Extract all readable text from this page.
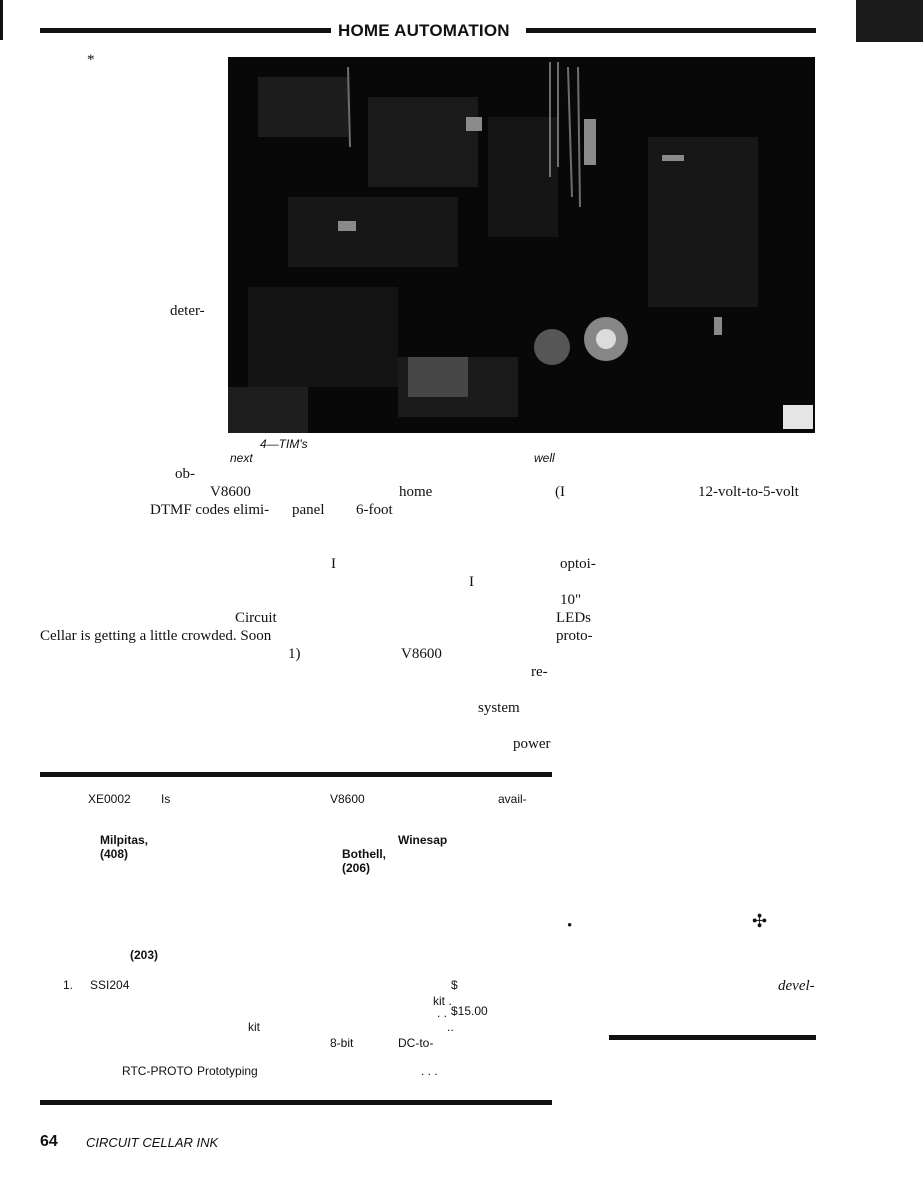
HOME AUTOMATION
*
deter-
4—TIM's
next	well
ob-
V8600	home	(I	12-volt-to-5-volt
DTMF codes elimi- panel 6-foot
I	optoi-
I
10"
Circuit	LEDs
Cellar is getting a little crowded. Soon	proto-
1)	V8600
re-
system
power
XE0002	Is	V8600	avail-
Milpitas,	Winesap
(408)	Bothell,
(206)
(203)
1. SSI204	$
kit .
. . $15.00
kit	..
8-bit	DC-to-
RTC-PROTO Prototyping	. . .
•	✣
devel-
64 CIRCUIT CELLAR INK
